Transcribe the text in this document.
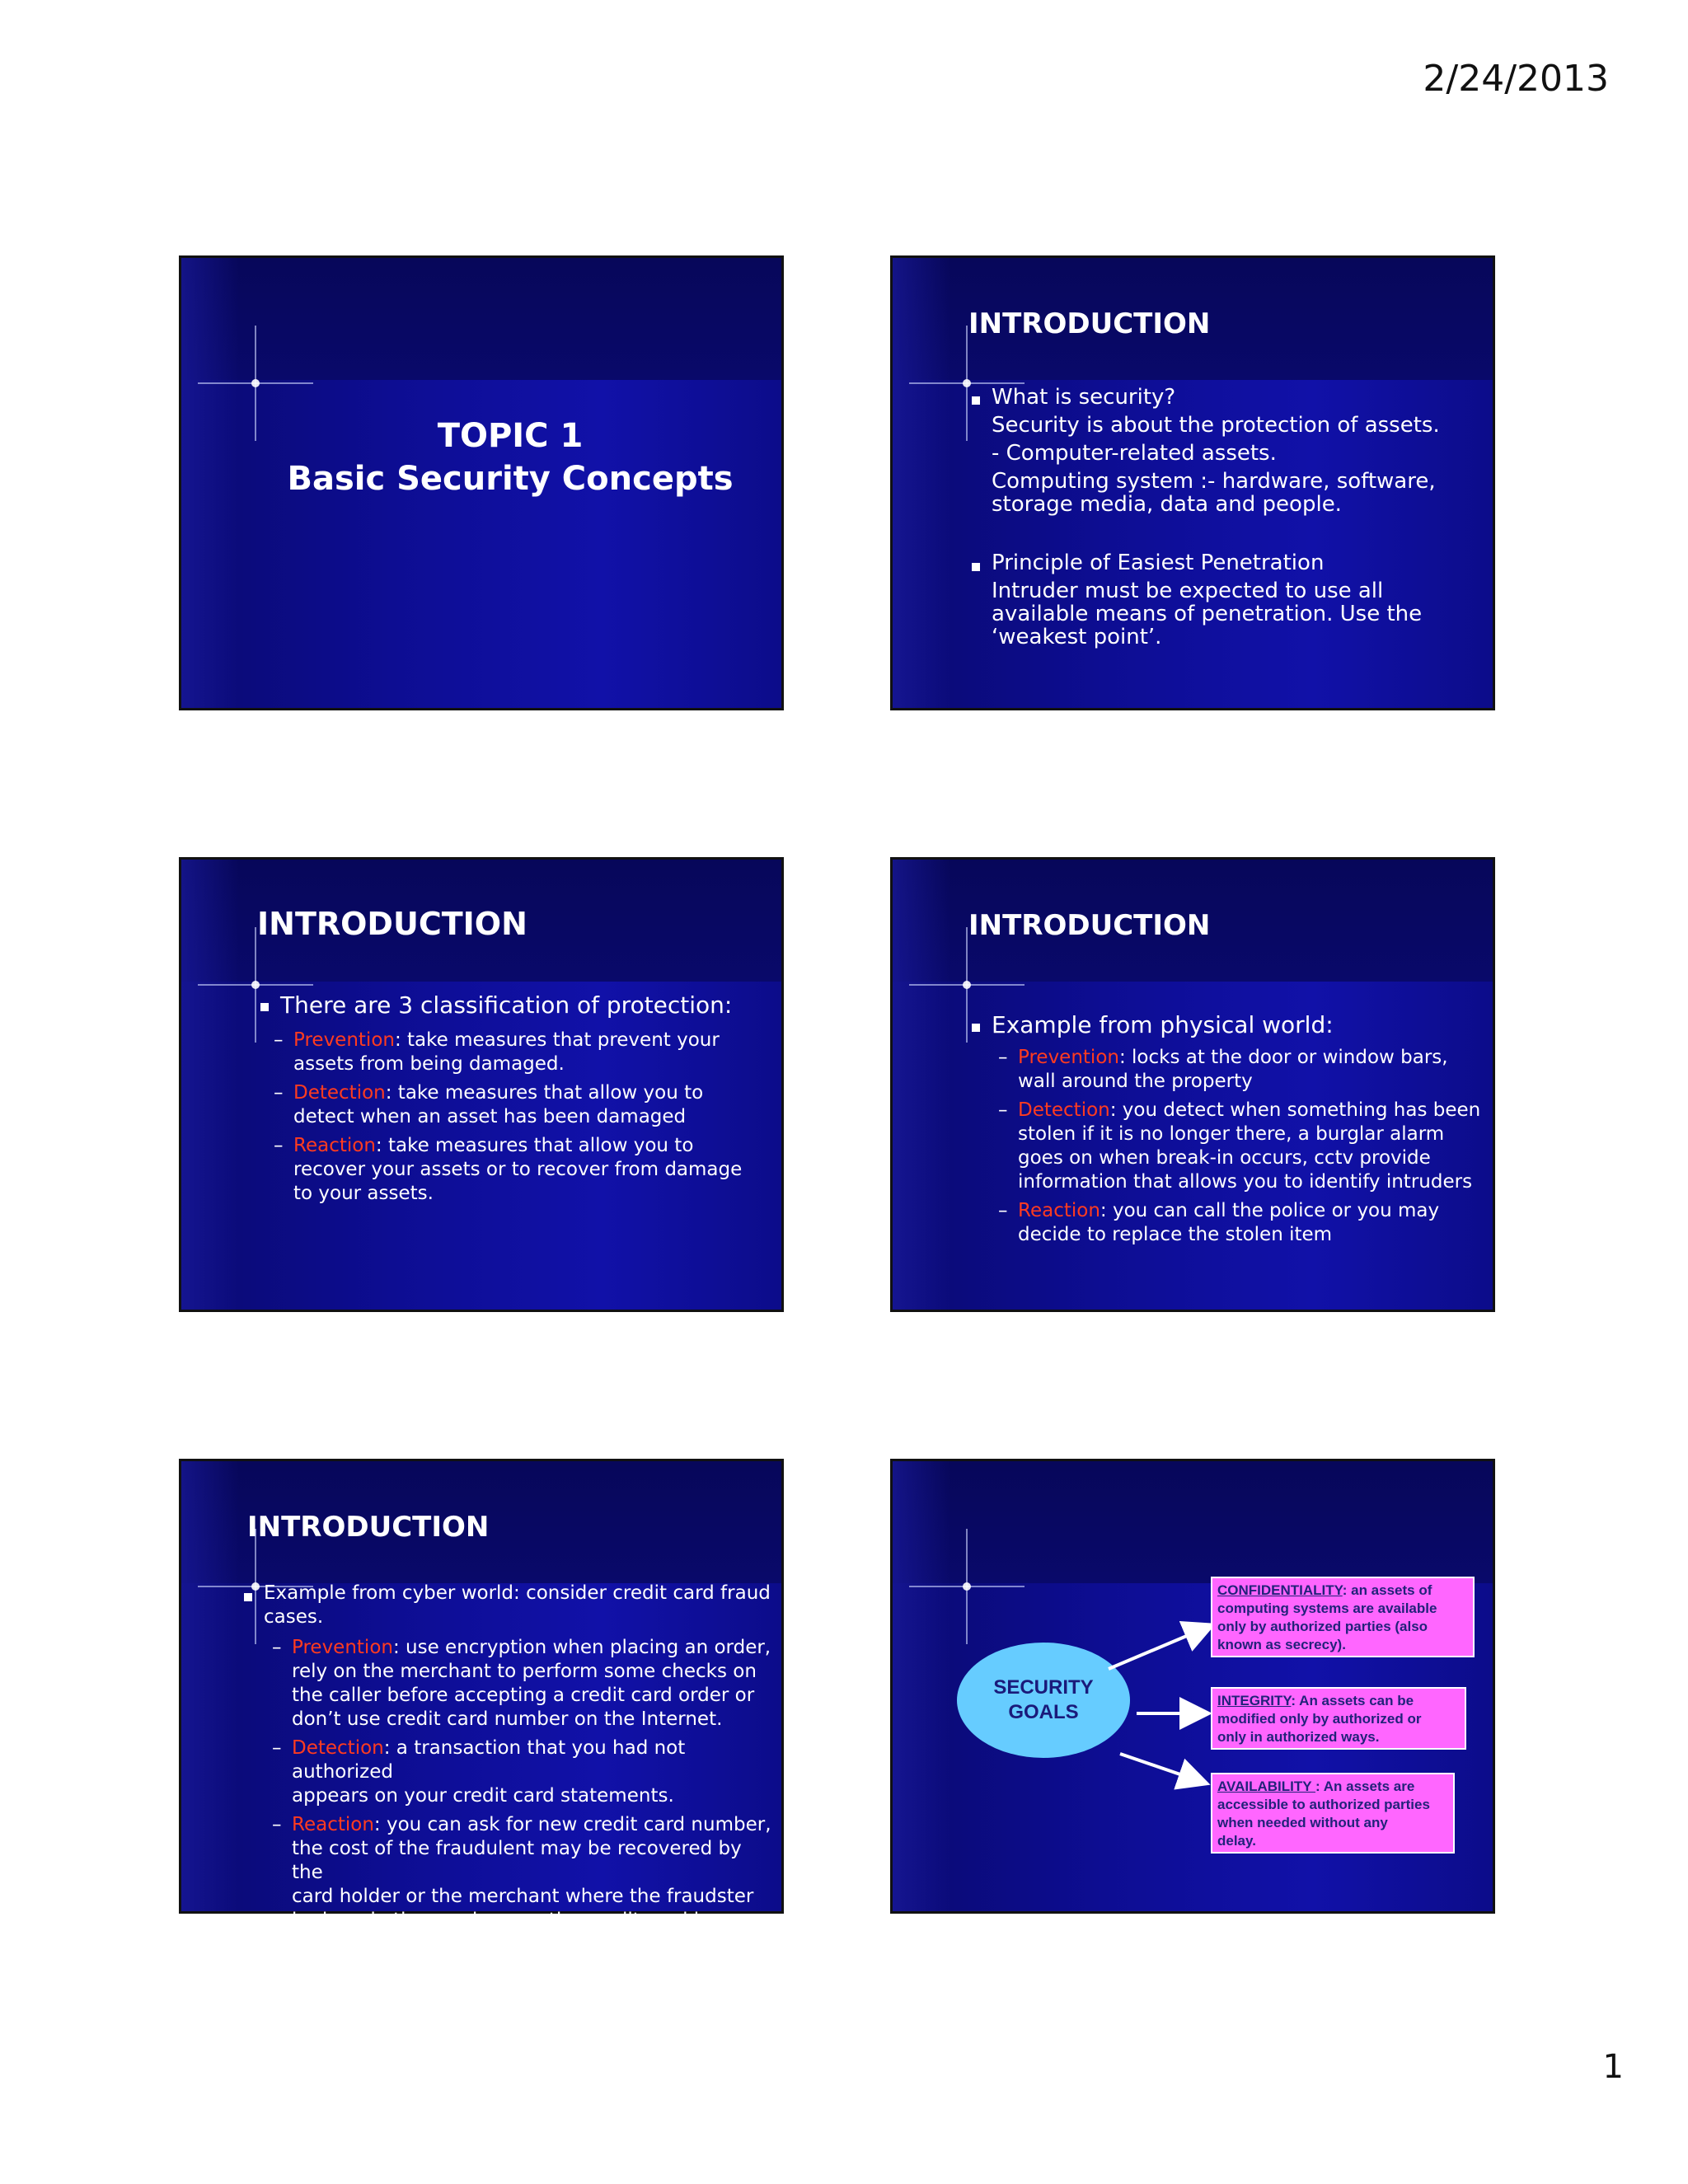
2/24/2013
TOPIC 1
Basic Security Concepts
INTRODUCTION
What is security?
Security is about the protection of assets.
- Computer-related assets.
Computing system :- hardware, software,
storage media, data and people.
Principle of Easiest Penetration
Intruder must be expected to use all
available means of penetration. Use the
‘weakest point’.
INTRODUCTION
There are 3 classification of protection:
– Prevention: take measures that prevent your
assets from being damaged.
– Detection: take measures that allow you to
detect when an asset has been damaged
– Reaction: take measures that allow you to
recover your assets or to recover from damage
to your assets.
INTRODUCTION
Example from physical world:
– Prevention: locks at the door or window bars,
wall around the property
– Detection: you detect when something has been
stolen if it is no longer there, a burglar alarm
goes on when break-in occurs, cctv provide
information that allows you to identify intruders
– Reaction: you can call the police or you may
decide to replace the stolen item
INTRODUCTION
Example from cyber world: consider credit card fraud
cases.
– Prevention: use encryption when placing an order,
rely on the merchant to perform some checks on
the caller before accepting a credit card order or
don’t use credit card number on the Internet.
– Detection: a transaction that you had not authorized
appears on your credit card statements.
– Reaction: you can ask for new credit card number,
the cost of the fraudulent may be recovered by the
card holder or the merchant where the fraudster
had made the purchase or the credit card issuer.
SECURITY
GOALS
CONFIDENTIALITY: an assets of
computing systems are available
only by authorized parties (also
known as secrecy).
INTEGRITY: An assets can be
modified only by authorized or
only in authorized ways.
AVAILABILITY : An assets are
accessible to authorized parties
when needed without any
delay.
1
